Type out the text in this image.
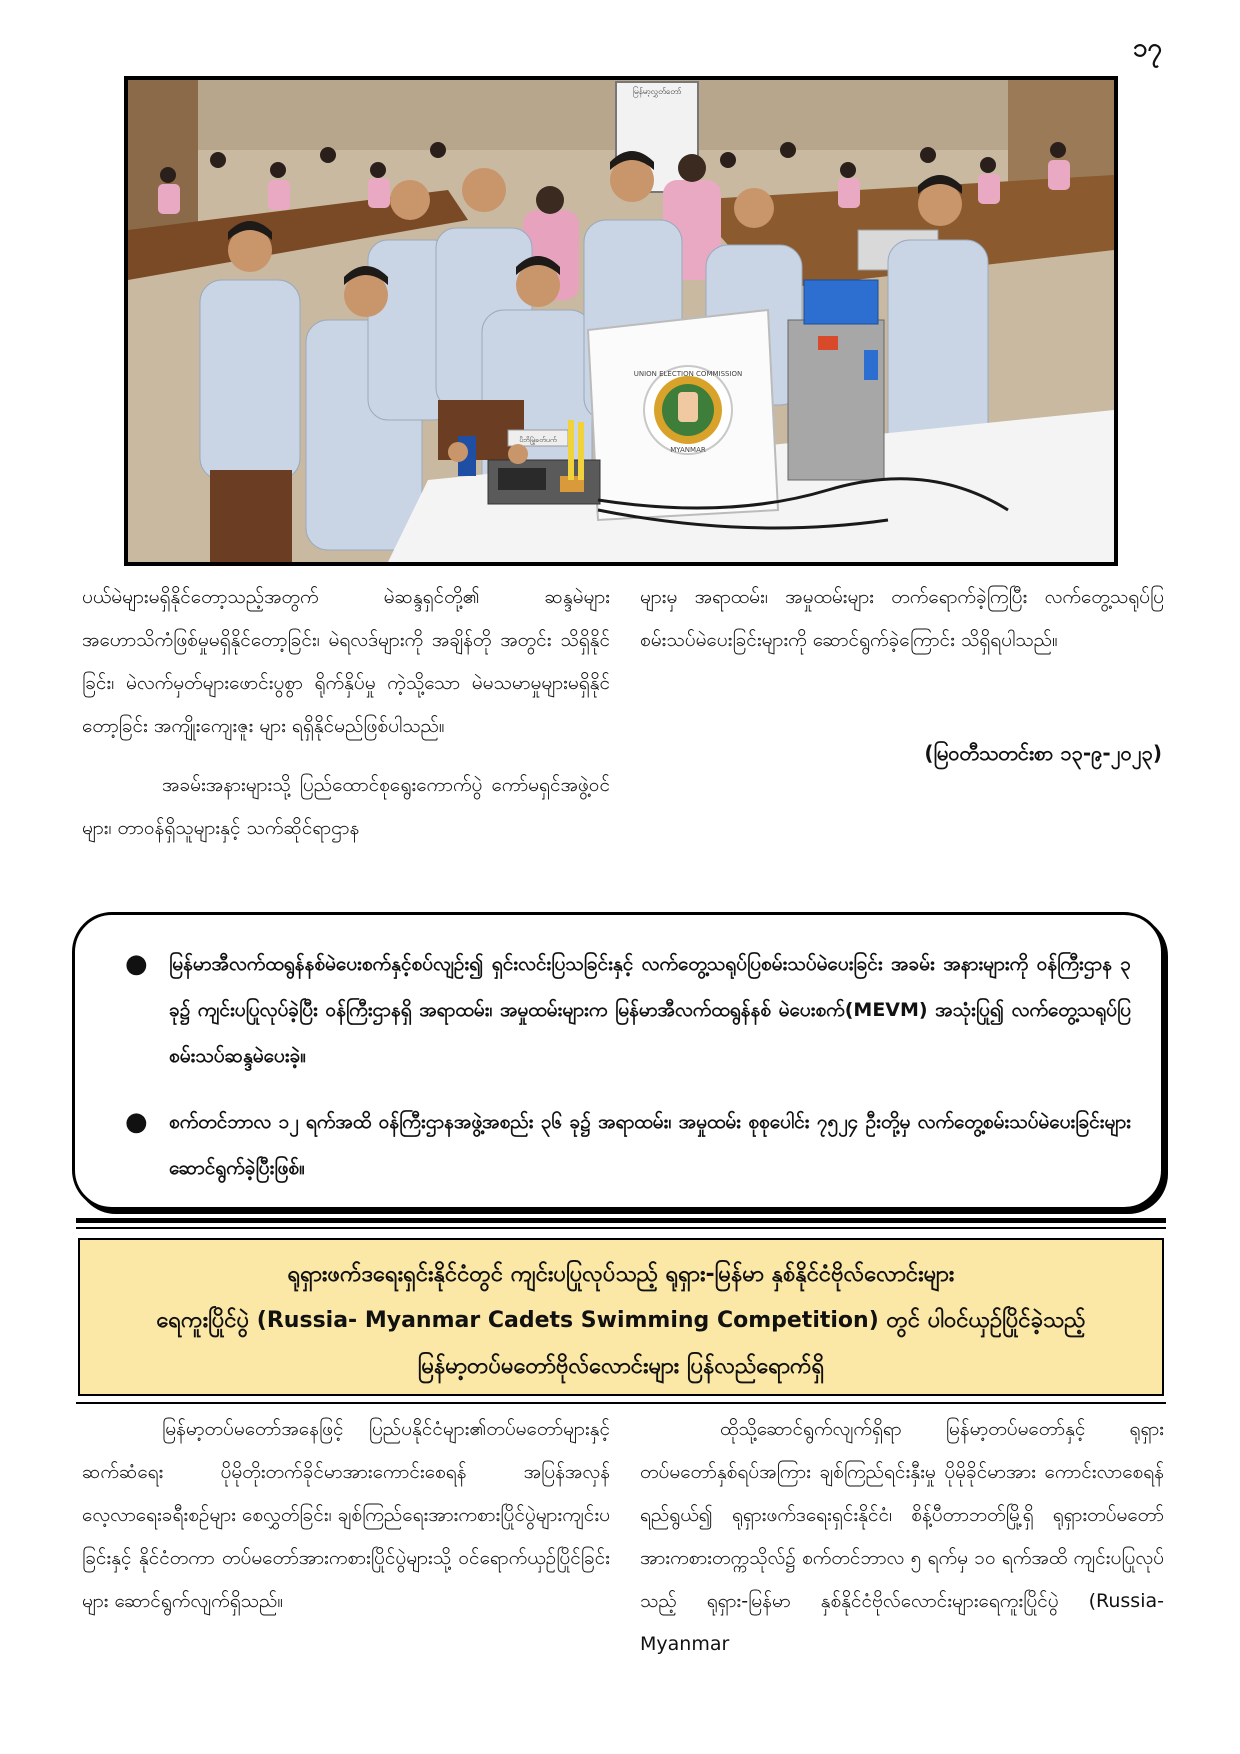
၁၇
မြန်မာ့လွှတ်တော်
UNION ELECTION COMMISSION
MYANMAR
ပိဘိမြဲ့ခတ်ပက်

ပယ်မဲများမရှိနိုင်တော့သည့်အတွက် မဲဆန္ဒရှင်တို့၏ ဆန္ဒမဲများ အဟောသိကံဖြစ်မှုမရှိနိုင်တော့ခြင်း၊ မဲရလဒ်များကို အချိန်တို အတွင်း သိရှိနိုင်ခြင်း၊ မဲလက်မှတ်များဖောင်းပွစွာ ရိုက်နှိပ်မှု ကဲ့သို့သော မဲမသမာမှုများမရှိနိုင်တော့ခြင်း အကျိုးကျေးဇူး များ ရရှိနိုင်မည်ဖြစ်ပါသည်။

အခမ်းအနားများသို့ ပြည်ထောင်စုရွေးကောက်ပွဲ ကော်မရှင်အဖွဲ့ဝင်များ၊ တာဝန်ရှိသူများနှင့် သက်ဆိုင်ရာဌာန

များမှ အရာထမ်း၊ အမှုထမ်းများ တက်ရောက်ခဲ့ကြပြီး လက်တွေ့သရုပ်ပြစမ်းသပ်မဲပေးခြင်းများကို ဆောင်ရွက်ခဲ့ကြောင်း သိရှိရပါသည်။

(မြဝတီသတင်းစာ ၁၃-၉-၂၀၂၃)
●	မြန်မာအီလက်ထရွန်နစ်မဲပေးစက်နှင့်စပ်လျဉ်း၍ ရှင်းလင်းပြသခြင်းနှင့် လက်တွေ့သရုပ်ပြစမ်းသပ်မဲပေးခြင်း အခမ်း အနားများကို ဝန်ကြီးဌာန ၃ ခု၌ ကျင်းပပြုလုပ်ခဲ့ပြီး ဝန်ကြီးဌာနရှိ အရာထမ်း၊ အမှုထမ်းများက မြန်မာအီလက်ထရွန်နစ် မဲပေးစက်(MEVM) အသုံးပြု၍ လက်တွေ့သရုပ်ပြစမ်းသပ်ဆန္ဒမဲပေးခဲ့။
●	စက်တင်ဘာလ ၁၂ ရက်အထိ ဝန်ကြီးဌာနအဖွဲ့အစည်း ၃၆ ခု၌ အရာထမ်း၊ အမှုထမ်း စုစုပေါင်း ၇၅၂၄ ဦးတို့မှ လက်တွေ့စမ်းသပ်မဲပေးခြင်းများ ဆောင်ရွက်ခဲ့ပြီးဖြစ်။
ရုရှားဖက်ဒရေးရှင်းနိုင်ငံတွင် ကျင်းပပြုလုပ်သည့် ရုရှား-မြန်မာ နှစ်နိုင်ငံဗိုလ်လောင်းများ
ရေကူးပြိုင်ပွဲ (Russia- Myanmar Cadets Swimming Competition) တွင် ပါဝင်ယှဉ်ပြိုင်ခဲ့သည့်
မြန်မာ့တပ်မတော်ဗိုလ်လောင်းများ ပြန်လည်ရောက်ရှိ

မြန်မာ့တပ်မတော်အနေဖြင့် ပြည်ပနိုင်ငံများ၏တပ်မတော်များနှင့် ဆက်ဆံရေး ပိုမိုတိုးတက်ခိုင်မာအားကောင်းစေရန် အပြန်အလှန်လေ့လာရေးခရီးစဉ်များ စေလွှတ်ခြင်း၊ ချစ်ကြည်ရေးအားကစားပြိုင်ပွဲများကျင်းပခြင်းနှင့် နိုင်ငံတကာ တပ်မတော်အားကစားပြိုင်ပွဲများသို့ ဝင်ရောက်ယှဉ်ပြိုင်ခြင်း များ ဆောင်ရွက်လျက်ရှိသည်။

ထိုသို့ဆောင်ရွက်လျက်ရှိရာ မြန်မာ့တပ်မတော်နှင့် ရုရှားတပ်မတော်နှစ်ရပ်အကြား ချစ်ကြည်ရင်းနှီးမှု ပိုမိုခိုင်မာအား ကောင်းလာစေရန်ရည်ရွယ်၍ ရုရှားဖက်ဒရေးရှင်းနိုင်ငံ၊ စိန့်ပီတာဘတ်မြို့ရှိ ရုရှားတပ်မတော်အားကစားတက္ကသိုလ်၌ စက်တင်ဘာလ ၅ ရက်မှ ၁၀ ရက်အထိ ကျင်းပပြုလုပ်သည့် ရုရှား-မြန်မာ နှစ်နိုင်ငံဗိုလ်လောင်းများရေကူးပြိုင်ပွဲ (Russia- Myanmar
